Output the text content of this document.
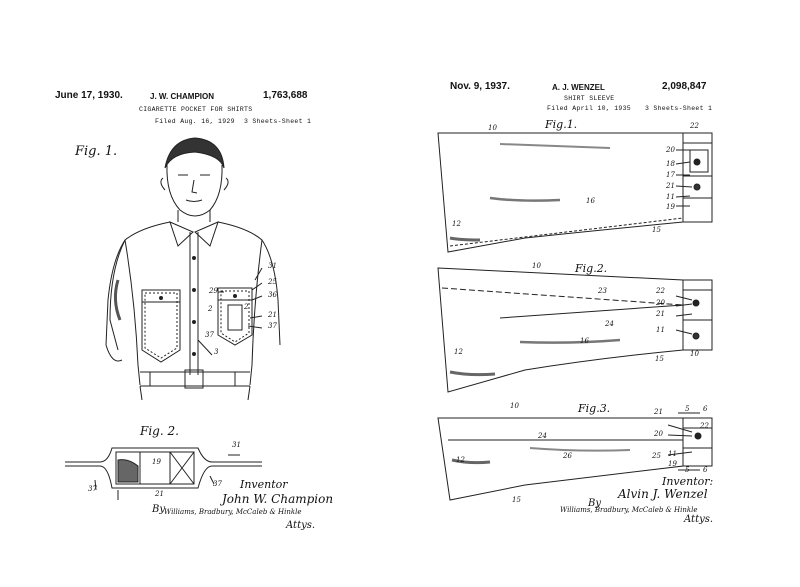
June 17, 1930.	J. W. CHAMPION	1,763,688
CIGARETTE POCKET FOR SHIRTS
Filed Aug. 16, 1929 3 Sheets-Sheet 1
Fig. 1.
31
25
36
29
2
2
21
37
37
3
Fig. 2.
31
19
37
21
37 Inventor
John W. Champion
By Williams, Bradbury, McCaleb & Hinkle
Attys.
Nov. 9, 1937.	A. J. WENZEL	2,098,847
SHIRT SLEEVE
Filed April 10, 1935 3 Sheets-Sheet 1
Fig.1.
10	22
20
18
17
21
11
19
16
12
15
Fig.2.
10
23	22
20
21
24
11
16
12
15
10
Fig.3.
10
21	5 6
20
22
24
26	25 11
19
5 6
12
15
Inventor:
Alvin J. Wenzel
By
Williams, Bradbury, McCaleb & Hinkle
Attys.
